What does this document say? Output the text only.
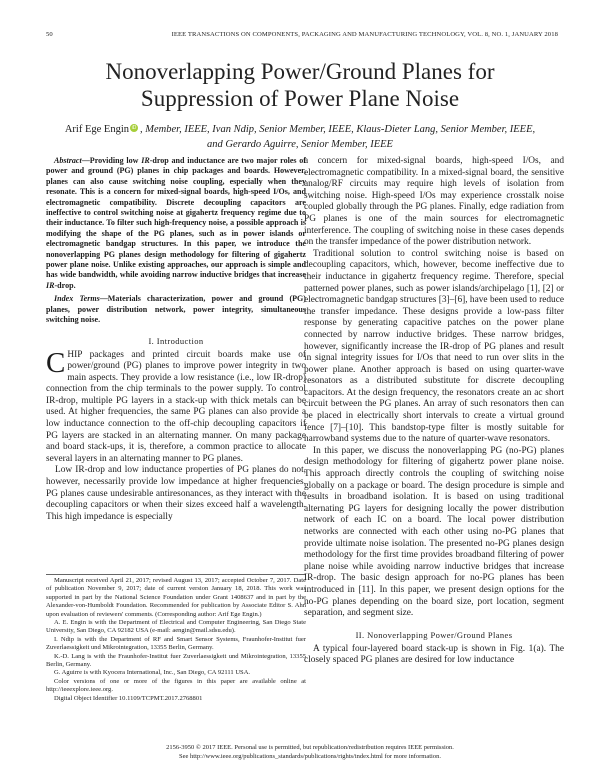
50	IEEE TRANSACTIONS ON COMPONENTS, PACKAGING AND MANUFACTURING TECHNOLOGY, VOL. 8, NO. 1, JANUARY 2018
Nonoverlapping Power/Ground Planes for
Suppression of Power Plane Noise
Arif Ege Engin iD , Member, IEEE, Ivan Ndip, Senior Member, IEEE, Klaus-Dieter Lang, Senior Member, IEEE,
and Gerardo Aguirre, Senior Member, IEEE

Abstract—Providing low IR-drop and inductance are two major roles of power and ground (PG) planes in chip packages and boards. However, planes can also cause switching noise coupling, especially when they resonate. This is a concern for mixed-signal boards, high-speed I/Os, and electromagnetic compatibility. Discrete decoupling capacitors are ineffective to control switching noise at gigahertz frequency regime due to their inductance. To filter such high-frequency noise, a possible approach is modifying the shape of the PG planes, such as in power islands or electromagnetic bandgap structures. In this paper, we introduce the nonoverlapping PG planes design methodology for filtering of gigahertz power plane noise. Unlike existing approaches, our approach is simple and has wide bandwidth, while avoiding narrow inductive bridges that increase IR-drop.

Index Terms—Materials characterization, power and ground (PG) planes, power distribution network, power integrity, simultaneous switching noise.

I. Introduction

CHIP packages and printed circuit boards make use of power/ground (PG) planes to improve power integrity in two main aspects. They provide a low resistance (i.e., low IR-drop) connection from the chip terminals to the power supply. To control IR-drop, multiple PG layers in a stack-up with thick metals can be used. At higher frequencies, the same PG planes can also provide a low inductance connection to the off-chip decoupling capacitors if PG layers are stacked in an alternating manner. On many package and board stack-ups, it is, therefore, a common practice to allocate several layers in an alternating manner to PG planes.

Low IR-drop and low inductance properties of PG planes do not, however, necessarily provide low impedance at higher frequencies. PG planes cause undesirable antiresonances, as they interact with the decoupling capacitors or when their sizes exceed half a wavelength. This high impedance is especially

Manuscript received April 21, 2017; revised August 13, 2017; accepted October 7, 2017. Date of publication November 9, 2017; date of current version January 18, 2018. This work was supported in part by the National Science Foundation under Grant 1408637 and in part by the Alexander-von-Humboldt Foundation. Recommended for publication by Associate Editor S. Ahn upon evaluation of reviewers' comments. (Corresponding author: Arif Ege Engin.)

A. E. Engin is with the Department of Electrical and Computer Engineering, San Diego State University, San Diego, CA 92182 USA (e-mail: aengin@mail.sdsu.edu).

I. Ndip is with the Department of RF and Smart Sensor Systems, Fraunhofer-Institut fuer Zuverlaessigkeit und Mikrointegration, 13355 Berlin, Germany.

K.-D. Lang is with the Fraunhofer-Institut fuer Zuverlaessigkeit und Mikrointegration, 13355 Berlin, Germany.

G. Aguirre is with Kyocera International, Inc., San Diego, CA 92111 USA.

Color versions of one or more of the figures in this paper are available online at http://ieeexplore.ieee.org.

Digital Object Identifier 10.1109/TCPMT.2017.2768801

a concern for mixed-signal boards, high-speed I/Os, and electromagnetic compatibility. In a mixed-signal board, the sensitive analog/RF circuits may require high levels of isolation from switching noise. High-speed I/Os may experience crosstalk noise coupled globally through the PG planes. Finally, edge radiation from PG planes is one of the main sources for electromagnetic interference. The coupling of switching noise in these cases depends on the transfer impedance of the power distribution network.

Traditional solution to control switching noise is based on decoupling capacitors, which, however, become ineffective due to their inductance in gigahertz frequency regime. Therefore, special patterned power planes, such as power islands/archipelago [1], [2] or electromagnetic bandgap structures [3]–[6], have been used to reduce the transfer impedance. These designs provide a low-pass filter response by generating capacitive patches on the power plane connected by narrow inductive bridges. These narrow bridges, however, significantly increase the IR-drop of PG planes and result in signal integrity issues for I/Os that need to run over slits in the power plane. Another approach is based on using quarter-wave resonators as a distributed substitute for discrete decoupling capacitors. At the design frequency, the resonators create an ac short circuit between the PG planes. An array of such resonators then can be placed in electrically short intervals to create a virtual ground fence [7]–[10]. This bandstop-type filter is mostly suitable for narrowband systems due to the nature of quarter-wave resonators.

In this paper, we discuss the nonoverlapping PG (no-PG) planes design methodology for filtering of gigahertz power plane noise. This approach directly controls the coupling of switching noise globally on a package or board. The design procedure is simple and results in broadband isolation. It is based on using traditional alternating PG layers for designing locally the power distribution network of each IC on a board. The local power distribution networks are connected with each other using no-PG planes that provide ultimate noise isolation. The presented no-PG planes design methodology for the first time provides broadband filtering of power plane noise while avoiding narrow inductive bridges that increase IR-drop. The basic design approach for no-PG planes has been introduced in [11]. In this paper, we present design options for the no-PG planes depending on the board size, port location, segment separation, and segment size.

II. Nonoverlapping Power/Ground Planes

A typical four-layered board stack-up is shown in Fig. 1(a). The closely spaced PG planes are desired for low inductance

2156-3950 © 2017 IEEE. Personal use is permitted, but republication/redistribution requires IEEE permission.
See http://www.ieee.org/publications_standards/publications/rights/index.html for more information.
